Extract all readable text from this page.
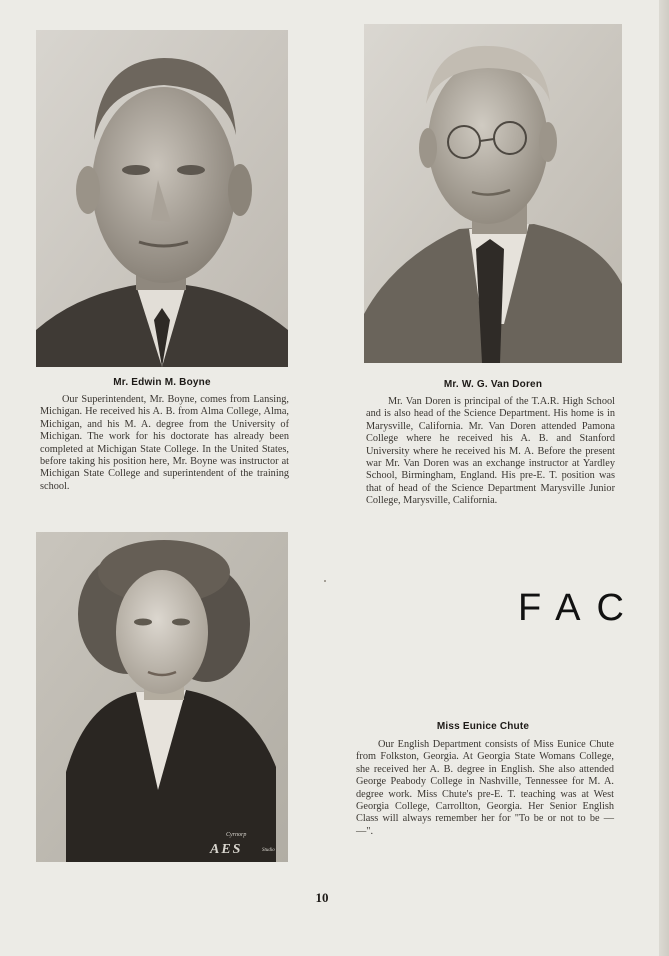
Mr. Edwin M. Boyne

Our Superintendent, Mr. Boyne, comes from Lansing, Michigan. He received his A. B. from Alma College, Alma, Michigan, and his M. A. degree from the University of Michigan. The work for his doctorate has already been completed at Michigan State College. In the United States, before taking his position here, Mr. Boyne was instructor at Michigan State College and superintendent of the training school.

Mr. W. G. Van Doren

Mr. Van Doren is principal of the T.A.R. High School and is also head of the Science Department. His home is in Marysville, California. Mr. Van Doren attended Pamona College where he received his A. B. and Stanford University where he received his M. A. Before the present war Mr. Van Doren was an exchange instructor at Yardley School, Birmingham, England. His pre-E. T. position was that of head of the Science Department Marysville Junior College, Marysville, California.

Cyrnorp
AES	Studio
Miss Eunice Chute

Our English Department consists of Miss Eunice Chute from Folkston, Georgia. At Georgia State Womans College, she received her A. B. degree in English. She also attended George Peabody College in Nashville, Tennessee for M. A. degree work. Miss Chute's pre-E. T. teaching was at West Georgia College, Carrollton, Georgia. Her Senior English Class will always remember her for "To be or not to be — —".

FAC
10
